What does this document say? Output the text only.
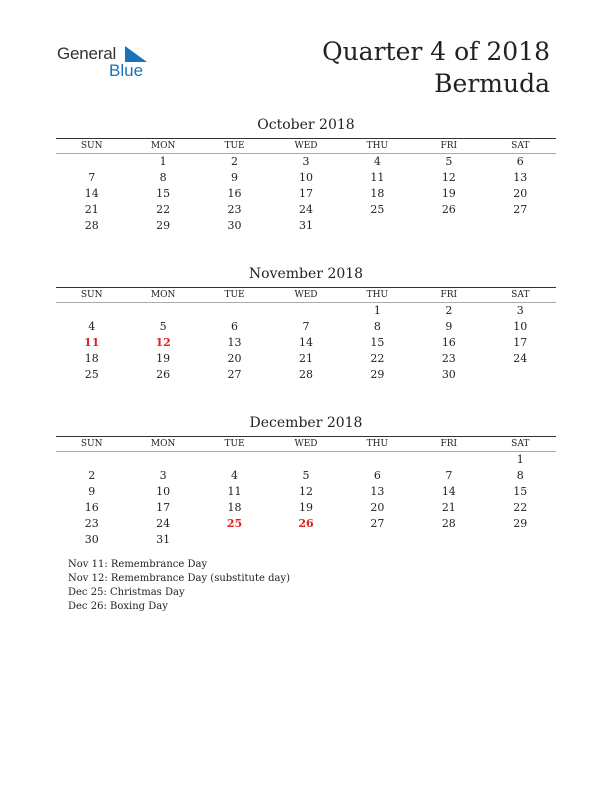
General
Blue
Quarter 4 of 2018
Bermuda
October 2018
SUN	MON	TUE	WED	THU	FRI	SAT
	1	2	3	4	5	6
7	8	9	10	11	12	13
14	15	16	17	18	19	20
21	22	23	24	25	26	27
28	29	30	31			
November 2018
SUN	MON	TUE	WED	THU	FRI	SAT
				1	2	3
4	5	6	7	8	9	10
11	12	13	14	15	16	17
18	19	20	21	22	23	24
25	26	27	28	29	30	
December 2018
SUN	MON	TUE	WED	THU	FRI	SAT
						1
2	3	4	5	6	7	8
9	10	11	12	13	14	15
16	17	18	19	20	21	22
23	24	25	26	27	28	29
30	31					
Nov 11: Remembrance Day
Nov 12: Remembrance Day (substitute day)
Dec 25: Christmas Day
Dec 26: Boxing Day
